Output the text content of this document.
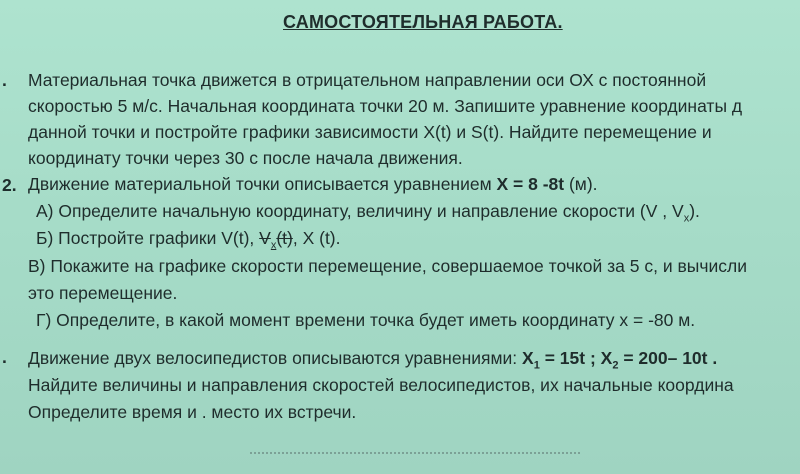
САМОСТОЯТЕЛЬНАЯ РАБОТА.
. Материальная точка движется в отрицательном направлении оси ОХ с постоянной
скоростью 5 м/с. Начальная координата точки 20 м. Запишите уравнение координаты д
данной точки и постройте графики зависимости X(t) и S(t). Найдите перемещение и
координату точки через 30 с после начала движения.
2. Движение материальной точки описывается уравнением X = 8 -8t (м).
А) Определите начальную координату, величину и направление скорости (V , $V_x$).
Б) Постройте графики V(t), $V_x(t)$, X (t).
В) Покажите на графике скорости перемещение, совершаемое точкой за 5 с, и вычисли
это перемещение.
Г) Определите, в какой момент времени точка будет иметь координату x = -80 м.
. Движение двух велосипедистов описываются уравнениями: $X_1 = 15t$ ; $X_2 = 200-$ 10t .
Найдите величины и направления скоростей велосипедистов, их начальные координа
Определите время и . место их встречи.
